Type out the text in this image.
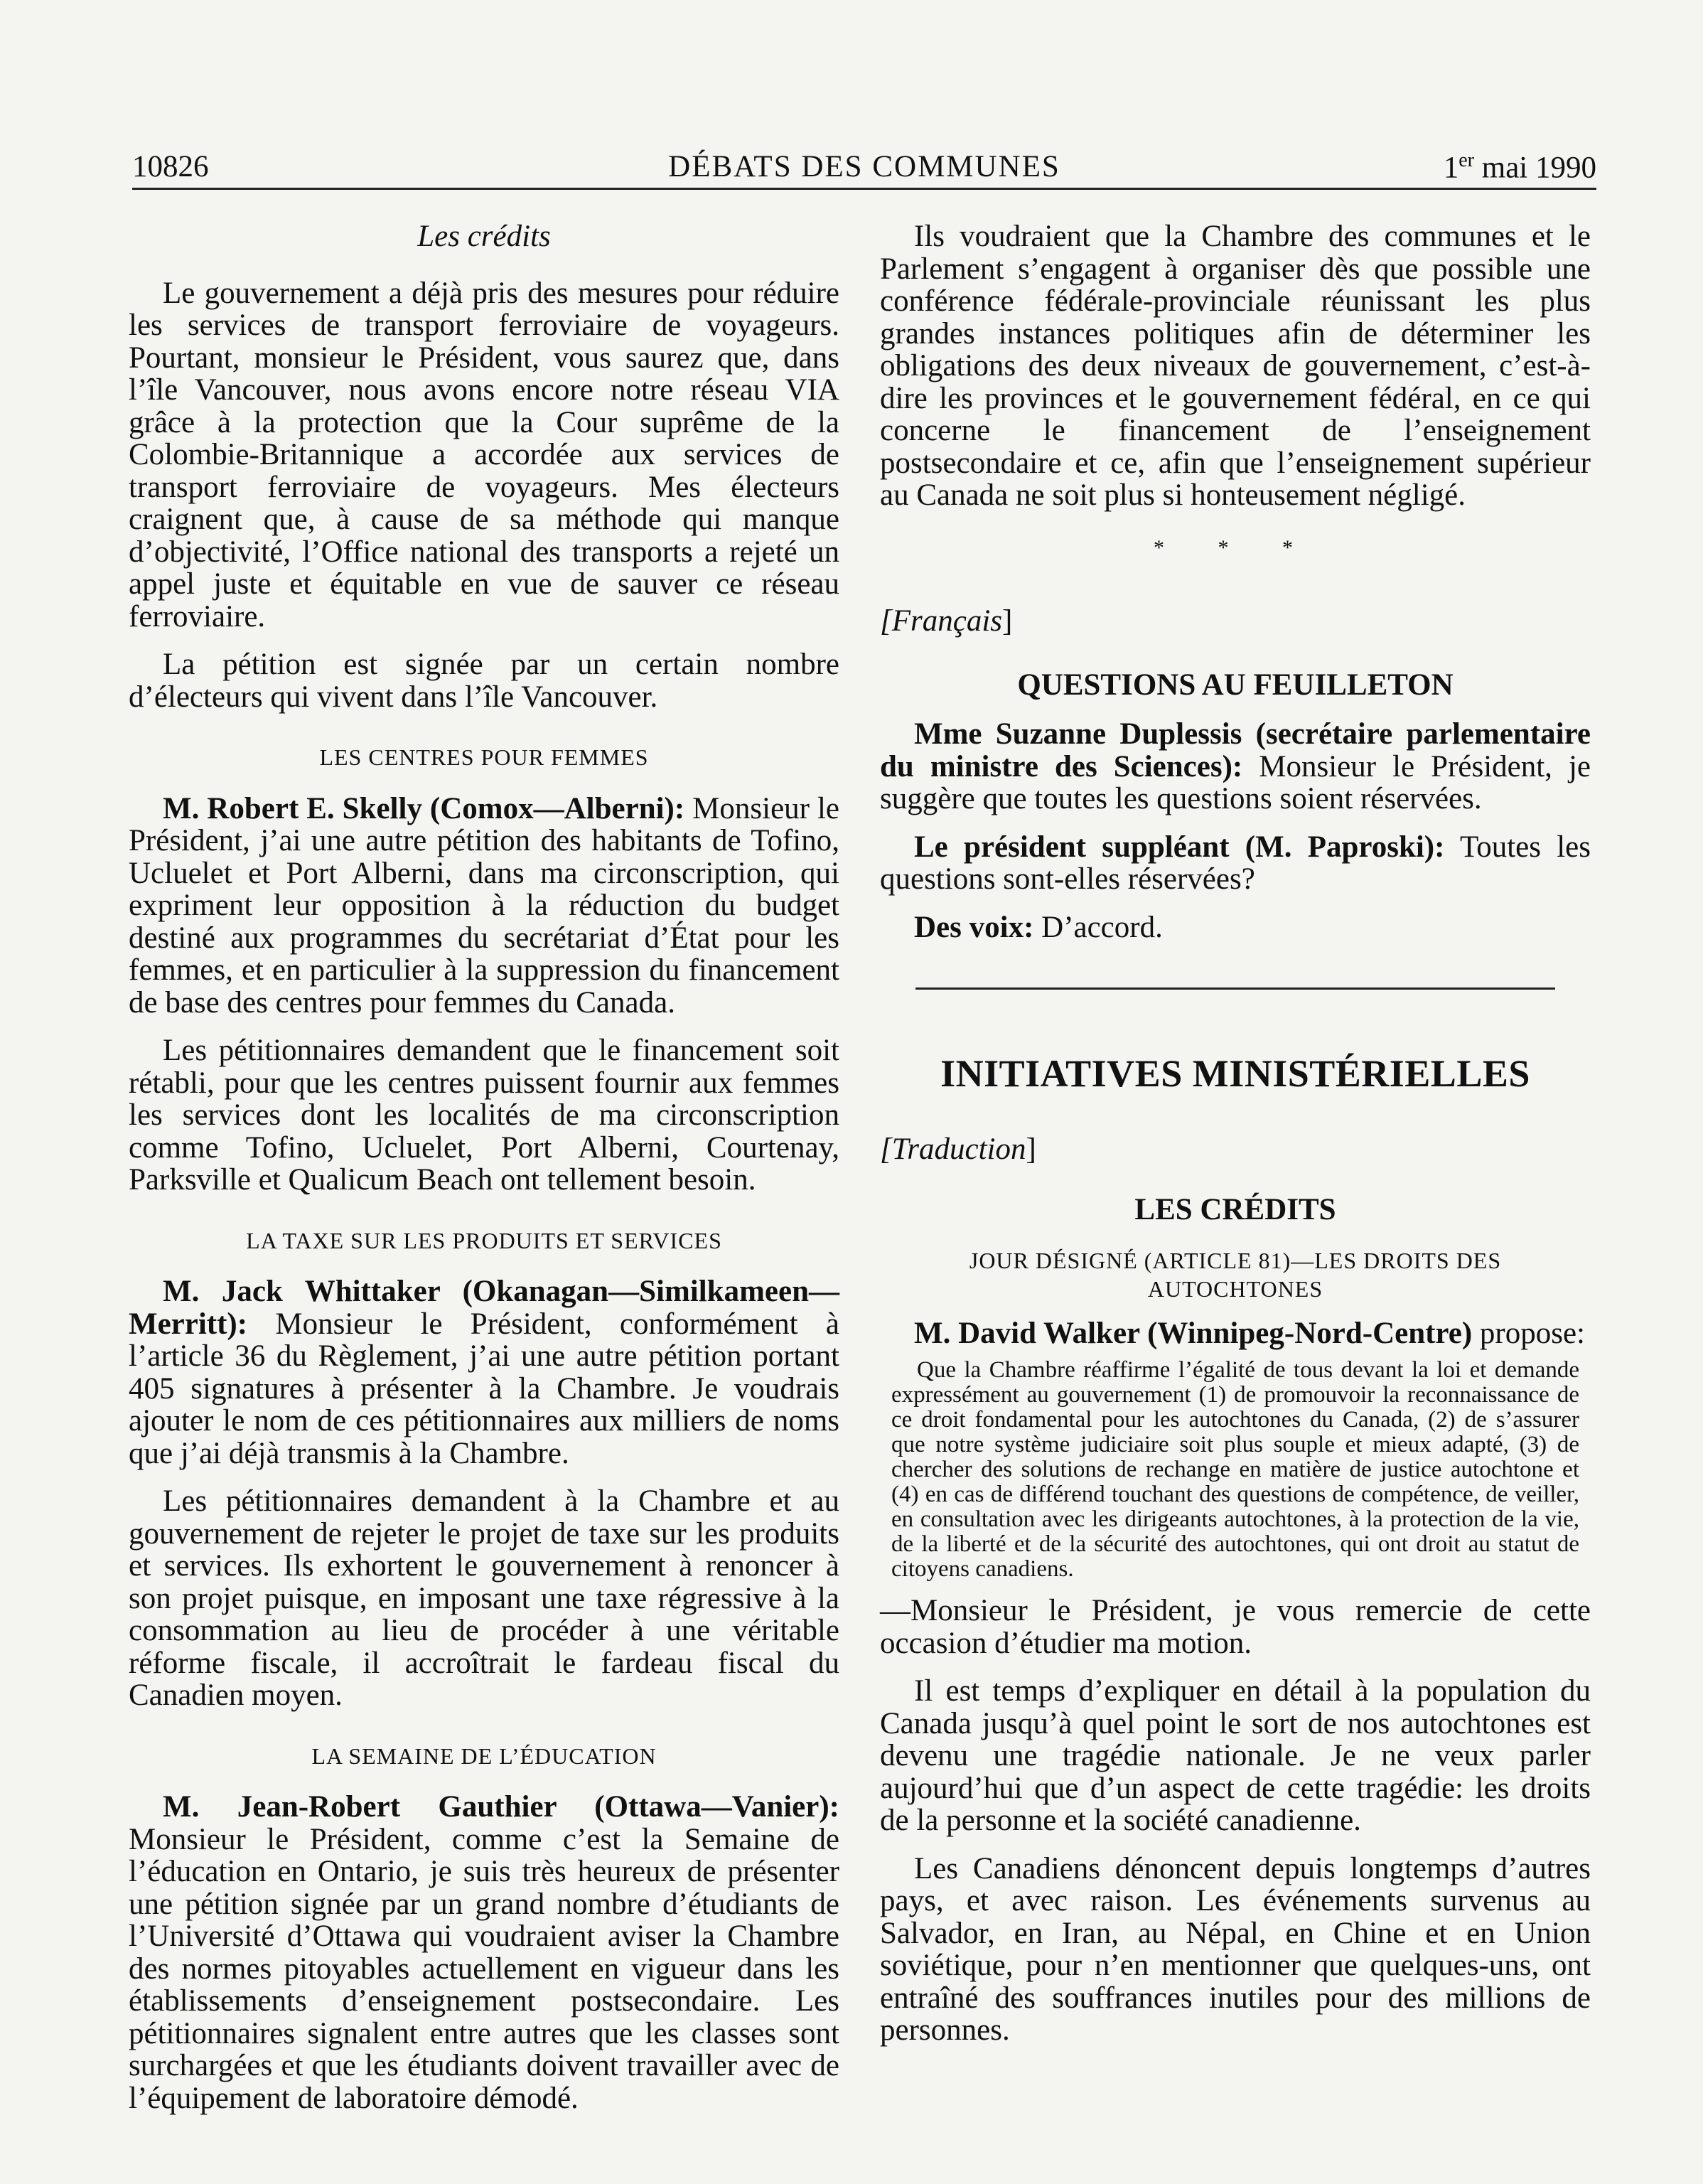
10826	DÉBATS DES COMMUNES	1er mai 1990
Les crédits

Le gouvernement a déjà pris des mesures pour réduire les services de transport ferroviaire de voyageurs. Pourtant, monsieur le Président, vous saurez que, dans l’île Vancouver, nous avons encore notre réseau VIA grâce à la protection que la Cour suprême de la Colombie-Britannique a accordée aux services de transport ferroviaire de voyageurs. Mes électeurs craignent que, à cause de sa méthode qui manque d’objectivité, l’Office national des transports a rejeté un appel juste et équitable en vue de sauver ce réseau ferroviaire.

La pétition est signée par un certain nombre d’électeurs qui vivent dans l’île Vancouver.

LES CENTRES POUR FEMMES

M. Robert E. Skelly (Comox—Alberni): Monsieur le Président, j’ai une autre pétition des habitants de Tofino, Ucluelet et Port Alberni, dans ma circonscription, qui expriment leur opposition à la réduction du budget destiné aux programmes du secrétariat d’État pour les femmes, et en particulier à la suppression du financement de base des centres pour femmes du Canada.

Les pétitionnaires demandent que le financement soit rétabli, pour que les centres puissent fournir aux femmes les services dont les localités de ma circonscription comme Tofino, Ucluelet, Port Alberni, Courtenay, Parksville et Qualicum Beach ont tellement besoin.

LA TAXE SUR LES PRODUITS ET SERVICES

M. Jack Whittaker (Okanagan—Similkameen—Merritt): Monsieur le Président, conformément à l’article 36 du Règlement, j’ai une autre pétition portant 405 signatures à présenter à la Chambre. Je voudrais ajouter le nom de ces pétitionnaires aux milliers de noms que j’ai déjà transmis à la Chambre.

Les pétitionnaires demandent à la Chambre et au gouvernement de rejeter le projet de taxe sur les produits et services. Ils exhortent le gouvernement à renoncer à son projet puisque, en imposant une taxe régressive à la consommation au lieu de procéder à une véritable réforme fiscale, il accroîtrait le fardeau fiscal du Canadien moyen.

LA SEMAINE DE L’ÉDUCATION

M. Jean-Robert Gauthier (Ottawa—Vanier): Monsieur le Président, comme c’est la Semaine de l’éducation en Ontario, je suis très heureux de présenter une pétition signée par un grand nombre d’étudiants de l’Université d’Ottawa qui voudraient aviser la Chambre des normes pitoyables actuellement en vigueur dans les établissements d’enseignement postsecondaire. Les pétitionnaires signalent entre autres que les classes sont surchargées et que les étudiants doivent travailler avec de l’équipement de laboratoire démodé.

Ils voudraient que la Chambre des communes et le Parlement s’engagent à organiser dès que possible une conférence fédérale-provinciale réunissant les plus grandes instances politiques afin de déterminer les obligations des deux niveaux de gouvernement, c’est-à-dire les provinces et le gouvernement fédéral, en ce qui concerne le financement de l’enseignement postsecondaire et ce, afin que l’enseignement supérieur au Canada ne soit plus si honteusement négligé.

* * *

[Français]

QUESTIONS AU FEUILLETON

Mme Suzanne Duplessis (secrétaire parlementaire du ministre des Sciences): Monsieur le Président, je suggère que toutes les questions soient réservées.

Le président suppléant (M. Paproski): Toutes les questions sont-elles réservées?

Des voix: D’accord.

INITIATIVES MINISTÉRIELLES

[Traduction]

LES CRÉDITS
JOUR DÉSIGNÉ (ARTICLE 81)—LES DROITS DES AUTOCHTONES

M. David Walker (Winnipeg-Nord-Centre) propose:

Que la Chambre réaffirme l’égalité de tous devant la loi et demande expressément au gouvernement (1) de promouvoir la reconnaissance de ce droit fondamental pour les autochtones du Canada, (2) de s’assurer que notre système judiciaire soit plus souple et mieux adapté, (3) de chercher des solutions de rechange en matière de justice autochtone et (4) en cas de différend touchant des questions de compétence, de veiller, en consultation avec les dirigeants autochtones, à la protection de la vie, de la liberté et de la sécurité des autochtones, qui ont droit au statut de citoyens canadiens.

—Monsieur le Président, je vous remercie de cette occasion d’étudier ma motion.

Il est temps d’expliquer en détail à la population du Canada jusqu’à quel point le sort de nos autochtones est devenu une tragédie nationale. Je ne veux parler aujourd’hui que d’un aspect de cette tragédie: les droits de la personne et la société canadienne.

Les Canadiens dénoncent depuis longtemps d’autres pays, et avec raison. Les événements survenus au Salvador, en Iran, au Népal, en Chine et en Union soviétique, pour n’en mentionner que quelques-uns, ont entraîné des souffrances inutiles pour des millions de personnes.
